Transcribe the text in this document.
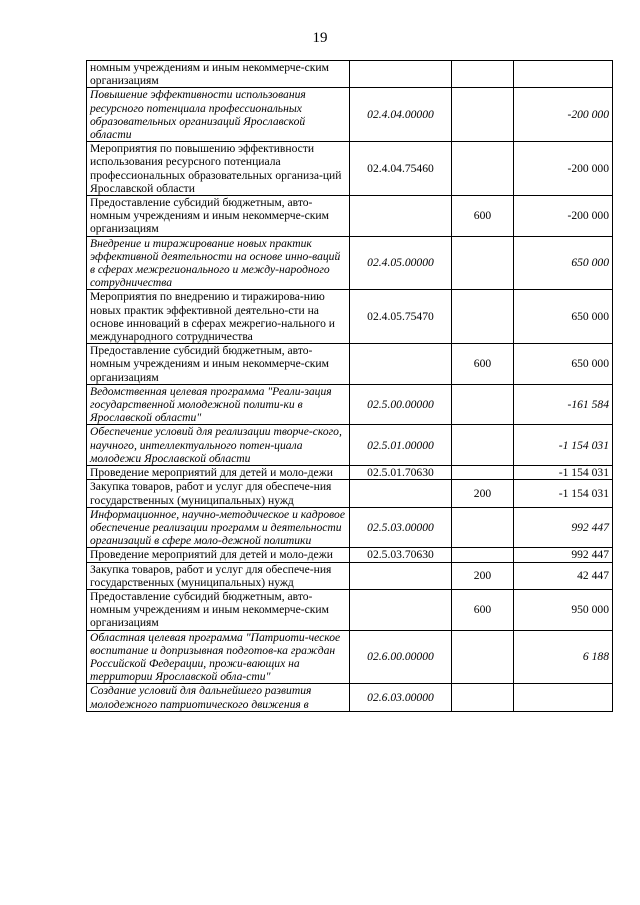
19
номным учреждениям и иным некоммерче-ским организациям			
Повышение эффективности использования ресурсного потенциала профессиональных образовательных организаций Ярославской области	02.4.04.00000		-200 000
Мероприятия по повышению эффективности использования ресурсного потенциала профессиональных образовательных организа-ций Ярославской области	02.4.04.75460		-200 000
Предоставление субсидий бюджетным, авто-номным учреждениям и иным некоммерче-ским организациям		600	-200 000
Внедрение и тиражирование новых практик эффективной деятельности на основе инно-ваций в сферах межрегионального и между-народного сотрудничества	02.4.05.00000		650 000
Мероприятия по внедрению и тиражирова-нию новых практик эффективной деятельно-сти на основе инноваций в сферах межрегио-нального и международного сотрудничества	02.4.05.75470		650 000
Предоставление субсидий бюджетным, авто-номным учреждениям и иным некоммерче-ским организациям		600	650 000
Ведомственная целевая программа "Реали-зация государственной молодежной полити-ки в Ярославской области"	02.5.00.00000		-161 584
Обеспечение условий для реализации творче-ского, научного, интеллектуального потен-циала молодежи Ярославской области	02.5.01.00000		-1 154 031
Проведение мероприятий для детей и моло-дежи	02.5.01.70630		-1 154 031
Закупка товаров, работ и услуг для обеспече-ния государственных (муниципальных) нужд		200	-1 154 031
Информационное, научно-методическое и кадровое обеспечение реализации программ и деятельности организаций в сфере моло-дежной политики	02.5.03.00000		992 447
Проведение мероприятий для детей и моло-дежи	02.5.03.70630		992 447
Закупка товаров, работ и услуг для обеспече-ния государственных (муниципальных) нужд		200	42 447
Предоставление субсидий бюджетным, авто-номным учреждениям и иным некоммерче-ским организациям		600	950 000
Областная целевая программа "Патриоти-ческое воспитание и допризывная подготов-ка граждан Российской Федерации, прожи-вающих на территории Ярославской обла-сти"	02.6.00.00000		6 188
Создание условий для дальнейшего развития молодежного патриотического движения в	02.6.03.00000		
